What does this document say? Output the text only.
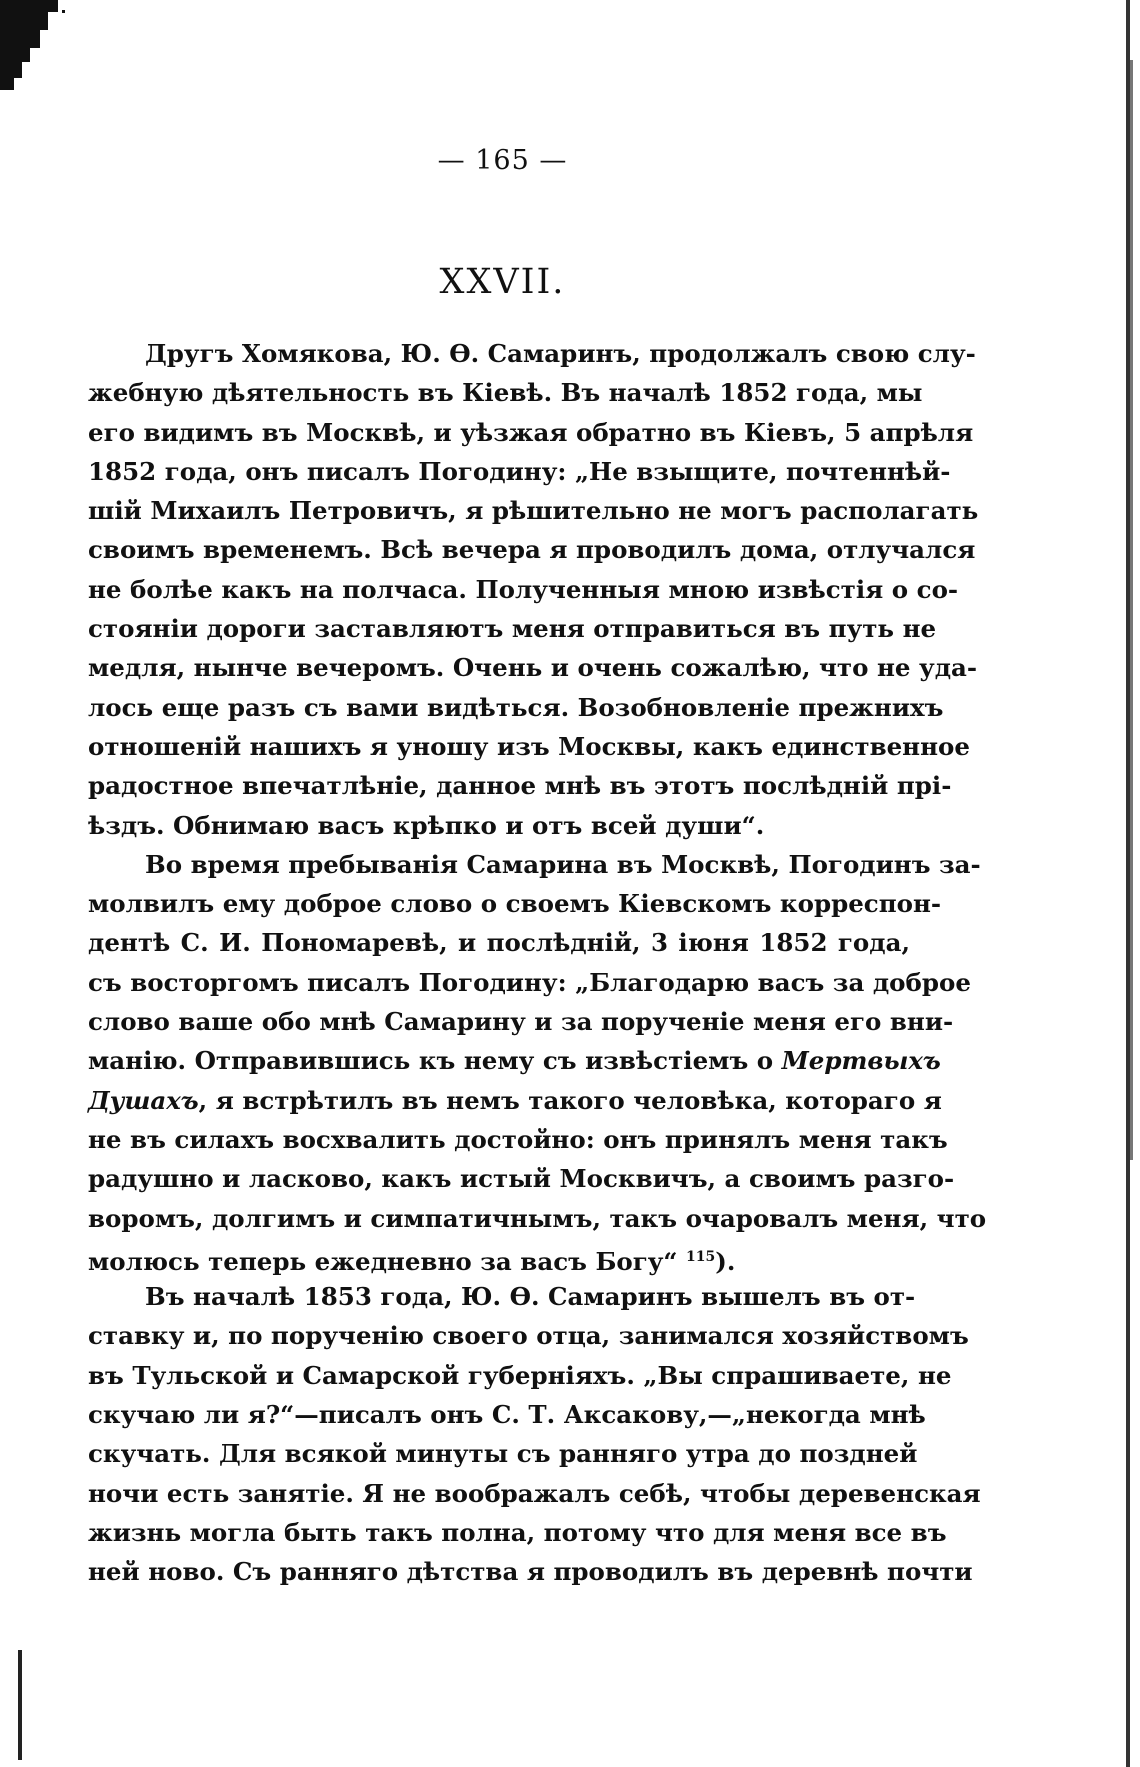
— 165 —
XXVII.
Другъ Хомякова, Ю. Ѳ. Самаринъ, продолжалъ свою слу-
жебную дѣятельность въ Кіевѣ. Въ началѣ 1852 года, мы
его видимъ въ Москвѣ, и уѣзжая обратно въ Кіевъ, 5 апрѣля
1852 года, онъ писалъ Погодину: „Не взыщите, почтеннѣй-
шій Михаилъ Петровичъ, я рѣшительно не могъ располагать
своимъ временемъ. Всѣ вечера я проводилъ дома, отлучался
не болѣе какъ на полчаса. Полученныя мною извѣстія о со-
стояніи дороги заставляютъ меня отправиться въ путь не
медля, нынче вечеромъ. Очень и очень сожалѣю, что не уда-
лось еще разъ съ вами видѣться. Возобновленіе прежнихъ
отношеній нашихъ я уношу изъ Москвы, какъ единственное
радостное впечатлѣніе, данное мнѣ въ этотъ послѣдній прі-
ѣздъ. Обнимаю васъ крѣпко и отъ всей души“.
Во время пребыванія Самарина въ Москвѣ, Погодинъ за-
молвилъ ему доброе слово о своемъ Кіевскомъ корреспон-
дентѣ С. И. Пономаревѣ, и послѣдній, 3 іюня 1852 года,
съ восторгомъ писалъ Погодину: „Благодарю васъ за доброе
слово ваше обо мнѣ Самарину и за порученіе меня его вни-
манію. Отправившись къ нему съ извѣстіемъ о Мертвыхъ
Душахъ, я встрѣтилъ въ немъ такого человѣка, котораго я
не въ силахъ восхвалить достойно: онъ принялъ меня такъ
радушно и ласково, какъ истый Москвичъ, а своимъ разго-
воромъ, долгимъ и симпатичнымъ, такъ очаровалъ меня, что
молюсь теперь ежедневно за васъ Богу“ $^{115}$).
Въ началѣ 1853 года, Ю. Ѳ. Самаринъ вышелъ въ от-
ставку и, по порученію своего отца, занимался хозяйствомъ
въ Тульской и Самарской губерніяхъ. „Вы спрашиваете, не
скучаю ли я?“—писалъ онъ С. Т. Аксакову,—„некогда мнѣ
скучать. Для всякой минуты съ ранняго утра до поздней
ночи есть занятіе. Я не воображалъ себѣ, чтобы деревенская
жизнь могла быть такъ полна, потому что для меня все въ
ней ново. Съ ранняго дѣтства я проводилъ въ деревнѣ почти
